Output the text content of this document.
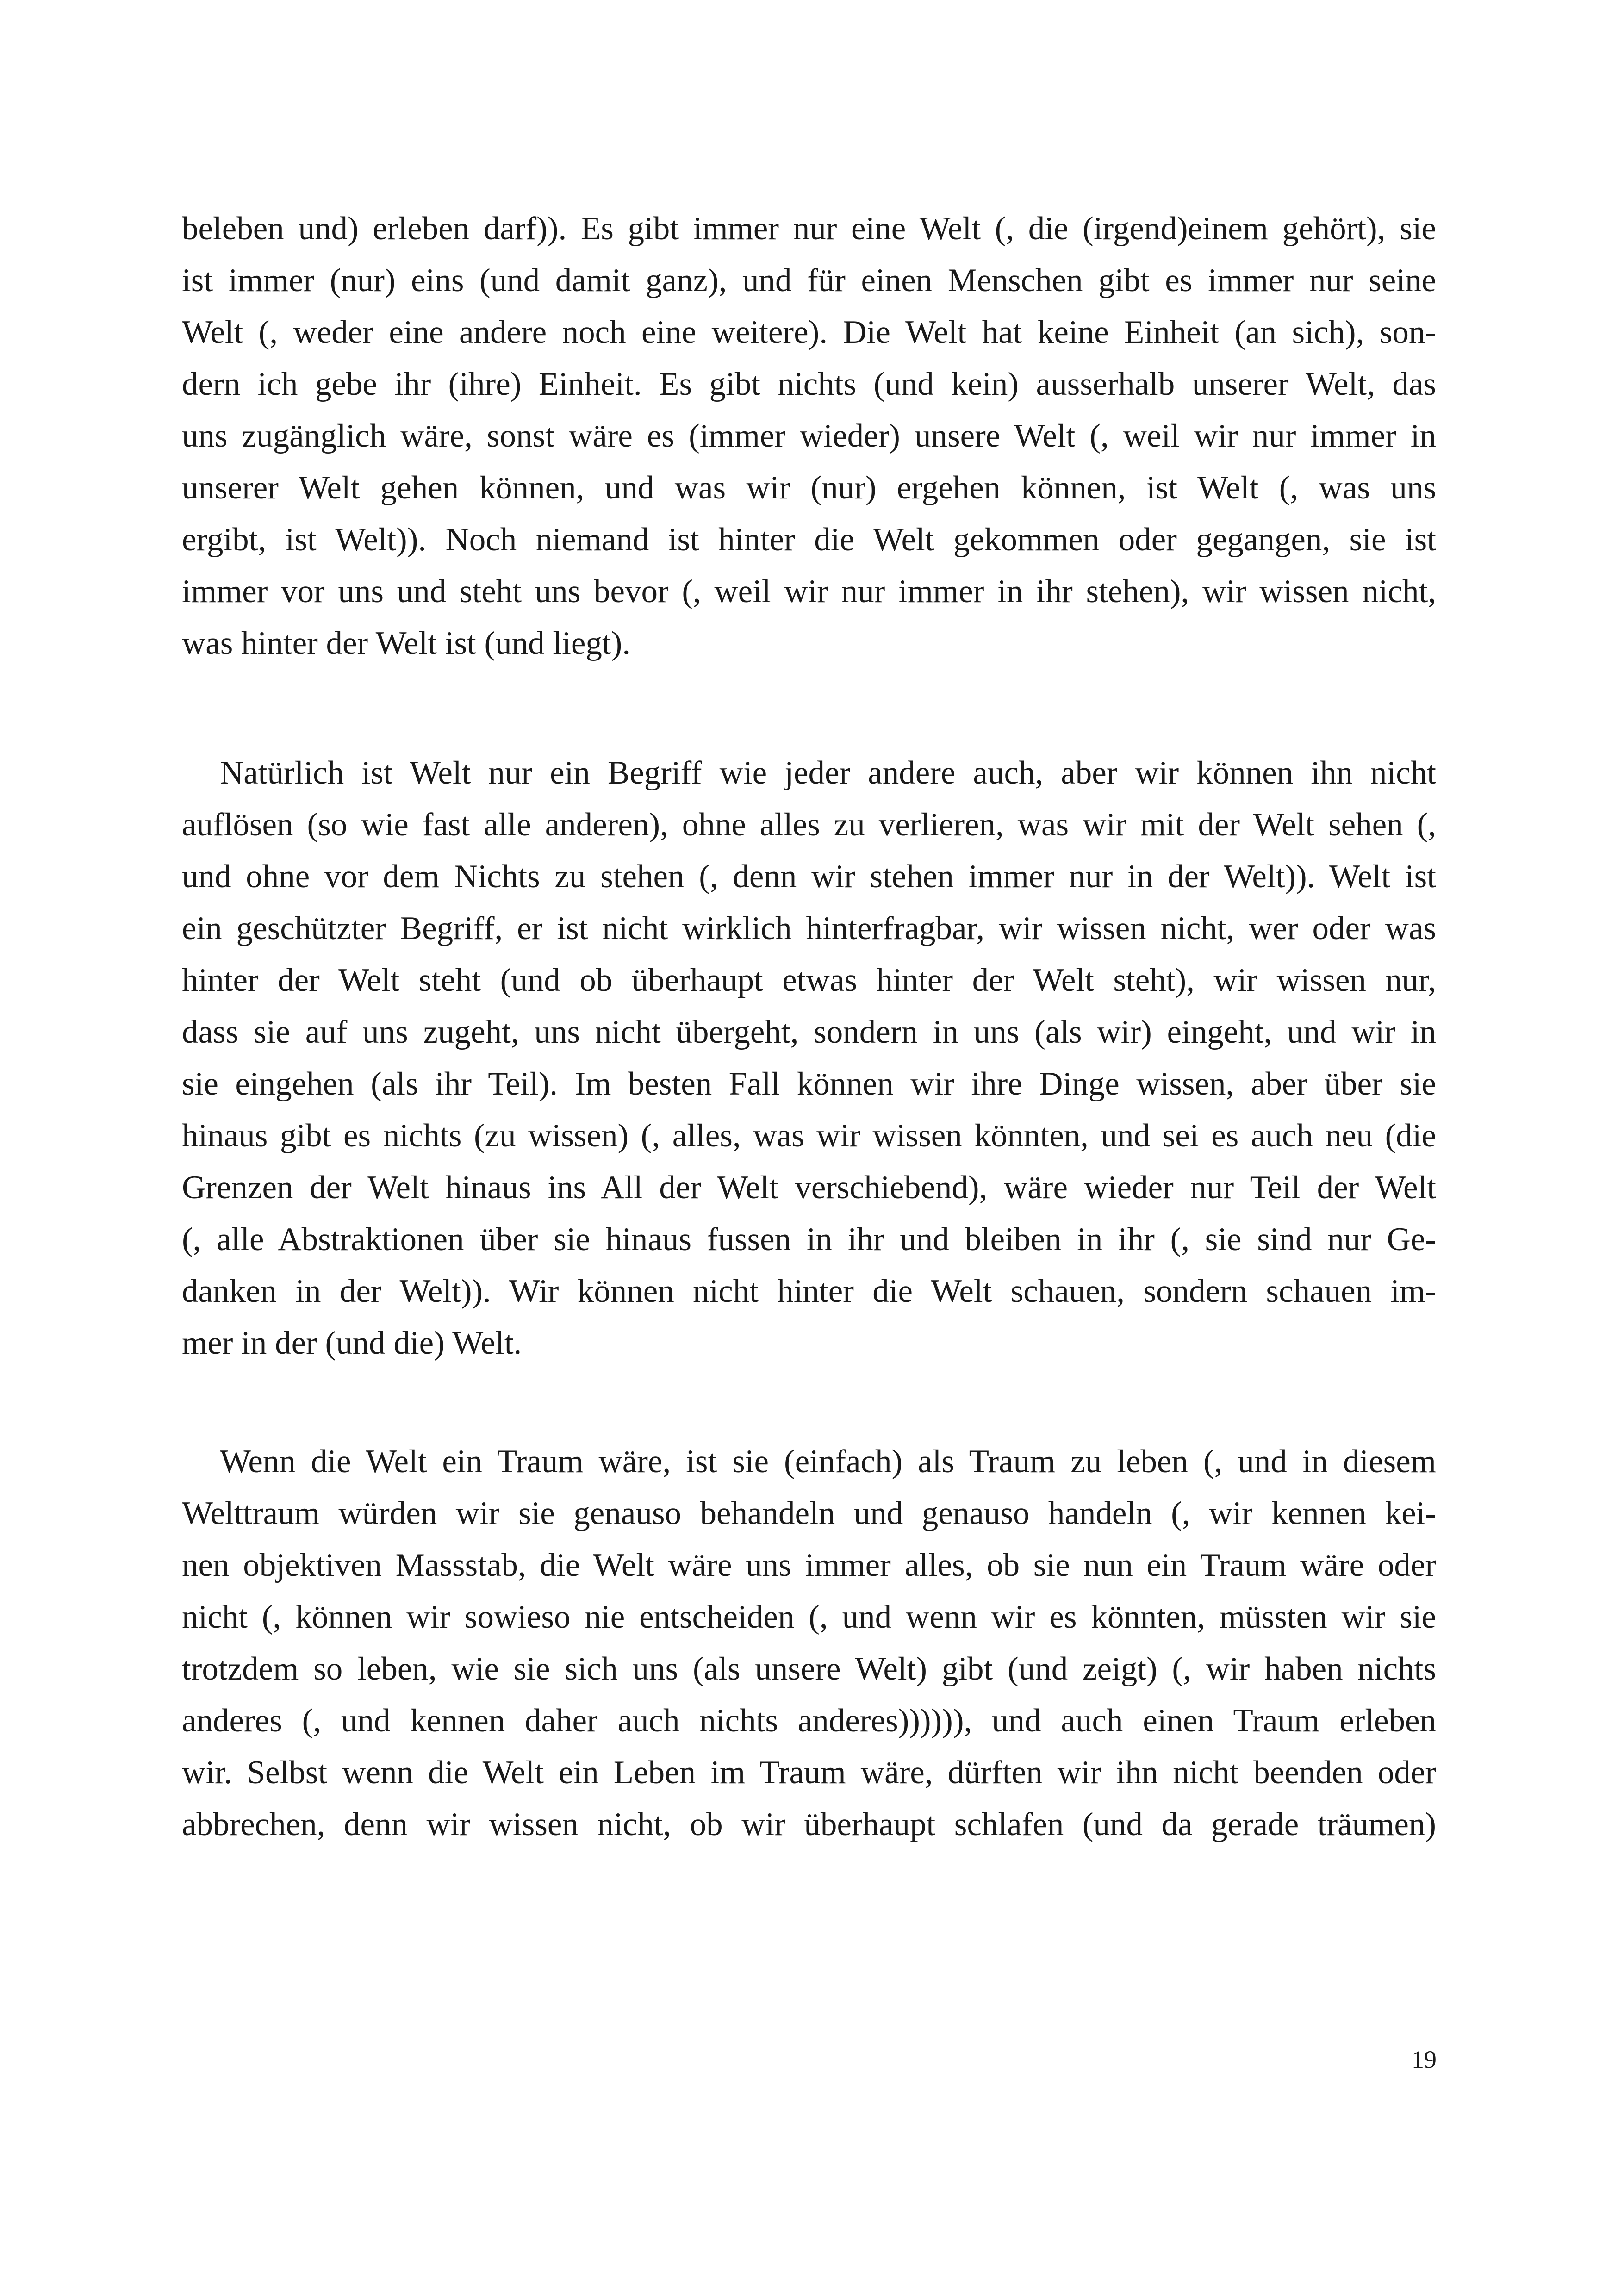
beleben und) erleben darf)). Es gibt immer nur eine Welt (, die (irgend)einem gehört), sie
ist immer (nur) eins (und damit ganz), und für einen Menschen gibt es immer nur seine
Welt (, weder eine andere noch eine weitere). Die Welt hat keine Einheit (an sich), son-
dern ich gebe ihr (ihre) Einheit. Es gibt nichts (und kein) ausserhalb unserer Welt, das
uns zugänglich wäre, sonst wäre es (immer wieder) unsere Welt (, weil wir nur immer in
unserer Welt gehen können, und was wir (nur) ergehen können, ist Welt (, was uns
ergibt, ist Welt)). Noch niemand ist hinter die Welt gekommen oder gegangen, sie ist
immer vor uns und steht uns bevor (, weil wir nur immer in ihr stehen), wir wissen nicht,
was hinter der Welt ist (und liegt).
Natürlich ist Welt nur ein Begriff wie jeder andere auch, aber wir können ihn nicht
auflösen (so wie fast alle anderen), ohne alles zu verlieren, was wir mit der Welt sehen (,
und ohne vor dem Nichts zu stehen (, denn wir stehen immer nur in der Welt)). Welt ist
ein geschützter Begriff, er ist nicht wirklich hinterfragbar, wir wissen nicht, wer oder was
hinter der Welt steht (und ob überhaupt etwas hinter der Welt steht), wir wissen nur,
dass sie auf uns zugeht, uns nicht übergeht, sondern in uns (als wir) eingeht, und wir in
sie eingehen (als ihr Teil). Im besten Fall können wir ihre Dinge wissen, aber über sie
hinaus gibt es nichts (zu wissen) (, alles, was wir wissen könnten, und sei es auch neu (die
Grenzen der Welt hinaus ins All der Welt verschiebend), wäre wieder nur Teil der Welt
(, alle Abstraktionen über sie hinaus fussen in ihr und bleiben in ihr (, sie sind nur Ge-
danken in der Welt)). Wir können nicht hinter die Welt schauen, sondern schauen im-
mer in der (und die) Welt.
Wenn die Welt ein Traum wäre, ist sie (einfach) als Traum zu leben (, und in diesem
Welttraum würden wir sie genauso behandeln und genauso handeln (, wir kennen kei-
nen objektiven Massstab, die Welt wäre uns immer alles, ob sie nun ein Traum wäre oder
nicht (, können wir sowieso nie entscheiden (, und wenn wir es könnten, müssten wir sie
trotzdem so leben, wie sie sich uns (als unsere Welt) gibt (und zeigt) (, wir haben nichts
anderes (, und kennen daher auch nichts anderes)))))), und auch einen Traum erleben
wir. Selbst wenn die Welt ein Leben im Traum wäre, dürften wir ihn nicht beenden oder
abbrechen, denn wir wissen nicht, ob wir überhaupt schlafen (und da gerade träumen)
19
